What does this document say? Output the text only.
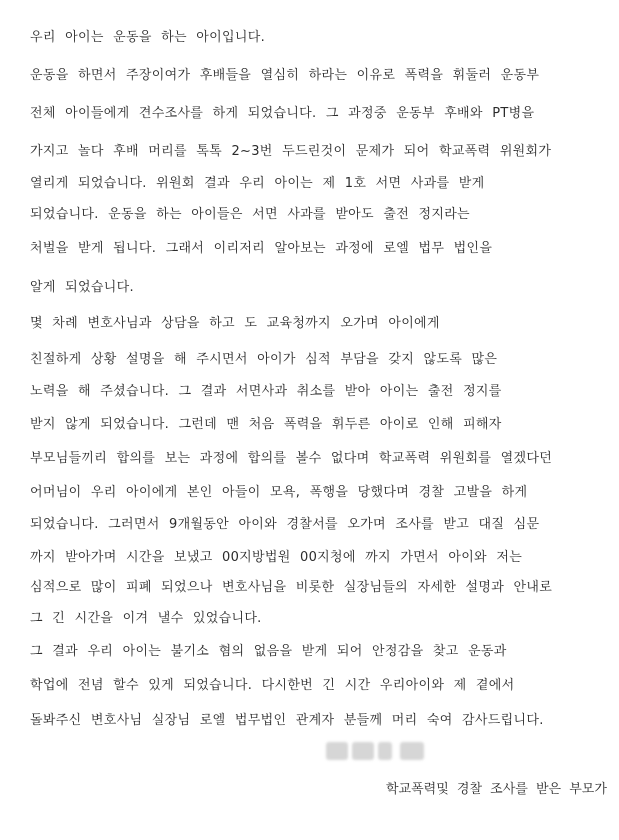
우리 아이는 운동을 하는 아이입니다.
운동을 하면서 주장이여가 후배들을 열심히 하라는 이유로 폭력을 휘둘러 운동부
전체 아이들에게 견수조사를 하게 되었습니다. 그 과정중 운동부 후배와 PT병을
가지고 놀다 후배 머리를 톡톡 2~3번 두드린것이 문제가 되어 학교폭력 위원회가
열리게 되었습니다. 위원회 결과 우리 아이는 제 1호 서면 사과를 받게
되었습니다. 운동을 하는 아이들은 서면 사과를 받아도 출전 정지라는
처벌을 받게 됩니다. 그래서 이리저리 알아보는 과정에 로엘 법무 법인을
알게 되었습니다.
몇 차례 변호사님과 상담을 하고 도 교육청까지 오가며 아이에게
친절하게 상황 설명을 해 주시면서 아이가 심적 부담을 갖지 않도록 많은
노력을 해 주셨습니다. 그 결과 서면사과 취소를 받아 아이는 출전 정지를
받지 않게 되었습니다. 그런데 맨 처음 폭력을 휘두른 아이로 인해 피해자
부모님들끼리 합의를 보는 과정에 합의를 볼수 없다며 학교폭력 위원회를 열겠다던
어머님이 우리 아이에게 본인 아들이 모욕, 폭행을 당했다며 경찰 고발을 하게
되었습니다. 그러면서 9개월동안 아이와 경찰서를 오가며 조사를 받고 대질 심문
까지 받아가며 시간을 보냈고 00지방법원 00지청에 까지 가면서 아이와 저는
심적으로 많이 피폐 되었으나 변호사님을 비롯한 실장님들의 자세한 설명과 안내로
그 긴 시간을 이겨 낼수 있었습니다.
그 결과 우리 아이는 불기소 혐의 없음을 받게 되어 안정감을 찾고 운동과
학업에 전념 할수 있게 되었습니다. 다시한번 긴 시간 우리아이와 제 곁에서
돌봐주신 변호사님 실장님 로엘 법무법인 관계자 분들께 머리 숙여 감사드립니다.
학교폭력및 경찰 조사를 받은 부모가
